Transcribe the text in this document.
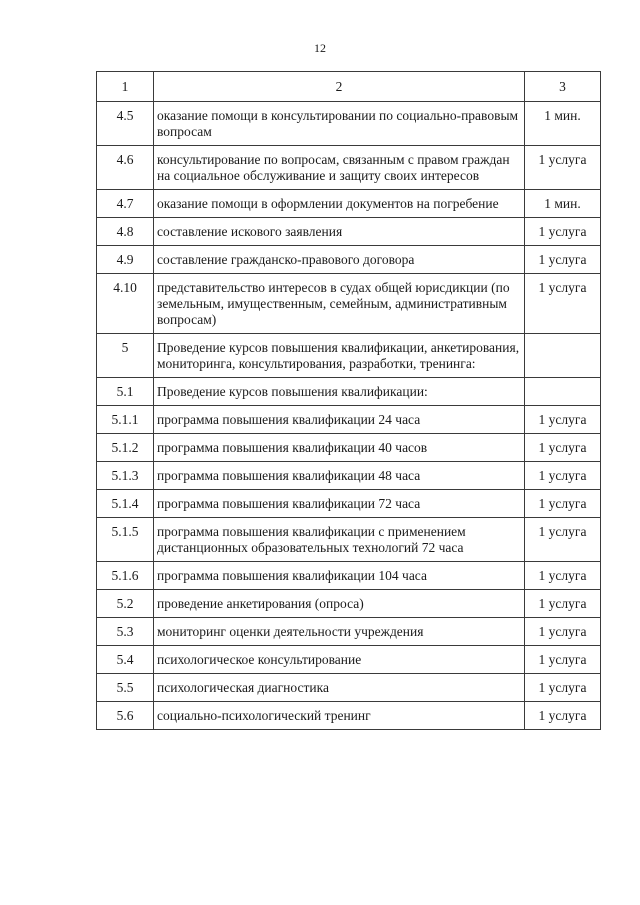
12
1	2	3
4.5	оказание помощи в консультировании по социально-правовым вопросам	1 мин.
4.6	консультирование по вопросам, связанным с правом граждан на социальное обслуживание и защиту своих интересов	1 услуга
4.7	оказание помощи в оформлении документов на погребение	1 мин.
4.8	составление искового заявления	1 услуга
4.9	составление гражданско-правового договора	1 услуга
4.10	представительство интересов в судах общей юрисдикции (по земельным, имущественным, семейным, административным вопросам)	1 услуга
5	Проведение курсов повышения квалификации, анкетирования, мониторинга, консультирования, разработки, тренинга:	
5.1	Проведение курсов повышения квалификации:	
5.1.1	программа повышения квалификации 24 часа	1 услуга
5.1.2	программа повышения квалификации 40 часов	1 услуга
5.1.3	программа повышения квалификации 48 часа	1 услуга
5.1.4	программа повышения квалификации 72 часа	1 услуга
5.1.5	программа повышения квалификации с применением дистанционных образовательных технологий 72 часа	1 услуга
5.1.6	программа повышения квалификации 104 часа	1 услуга
5.2	проведение анкетирования (опроса)	1 услуга
5.3	мониторинг оценки деятельности учреждения	1 услуга
5.4	психологическое консультирование	1 услуга
5.5	психологическая диагностика	1 услуга
5.6	социально-психологический тренинг	1 услуга
